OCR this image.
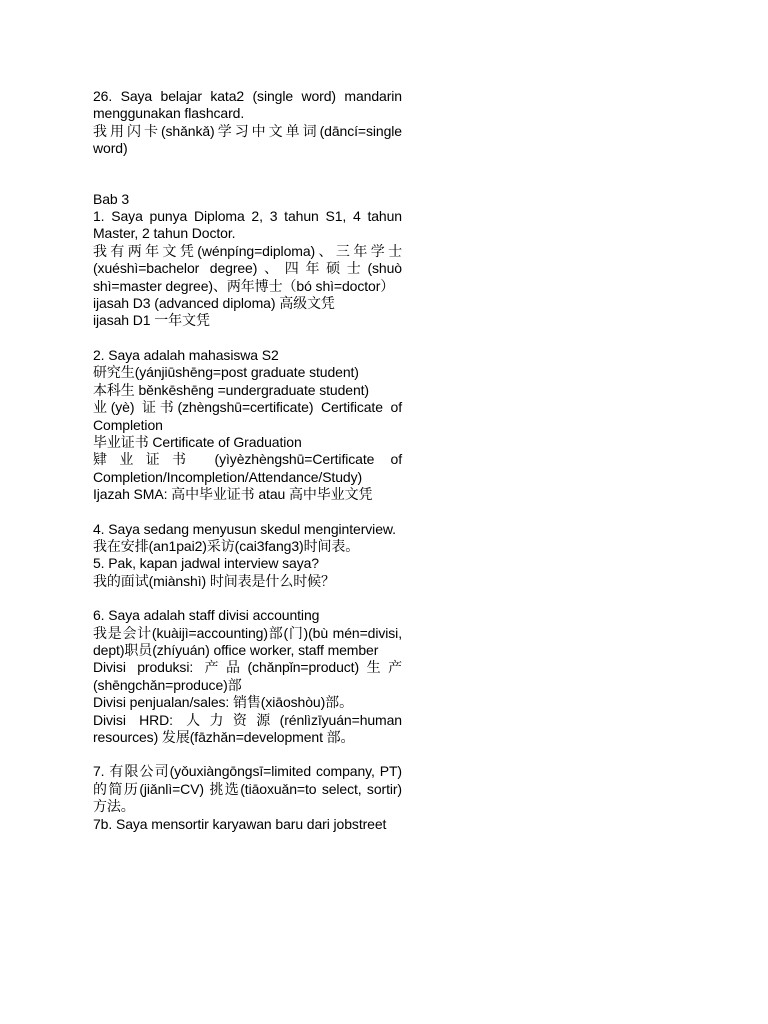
26. Saya belajar kata2 (single word) mandarin menggunakan flashcard.
我用闪卡(shǎnkǎ)学习中文单词(dāncí=single word)

Bab 3
1. Saya punya Diploma 2, 3 tahun S1, 4 tahun Master, 2 tahun Doctor.
我有两年文凭(wénpíng=diploma)、三年学士(xuéshì=bachelor degree)、四年硕士(shuò shì=master degree)、两年博士（bó shì=doctor）
ijasah D3 (advanced diploma) 高级文凭
ijasah D1 一年文凭

2. Saya adalah mahasiswa S2
研究生(yánjiūshēng=post graduate student)
本科生 běnkēshēng =undergraduate student)
业(yè) 证书(zhèngshū=certificate) Certificate of Completion
毕业证书 Certificate of Graduation
肄业证书 (yìyèzhèngshū=Certificate of Completion/Incompletion/Attendance/Study)
Ijazah SMA: 高中毕业证书 atau 高中毕业文凭

4. Saya sedang menyusun skedul menginterview.
我在安排(an1pai2)采访(cai3fang3)时间表。
5. Pak, kapan jadwal interview saya?
我的面试(miànshì) 时间表是什么时候？

6. Saya adalah staff divisi accounting
我是会计(kuàijì=accounting)部(门)(bù mén=divisi, dept)职员(zhíyuán) office worker, staff member
Divisi produksi: 产品(chǎnpǐn=product)生产(shēngchǎn=produce)部
Divisi penjualan/sales: 销售(xiāoshòu)部。
Divisi HRD: 人力资源(rénlìzīyuán=human resources) 发展(fāzhǎn=development 部。

7. 有限公司(yǒuxiàngōngsī=limited company, PT) 的简历(jiǎnlì=CV) 挑选(tiāoxuǎn=to select, sortir)方法。
7b. Saya mensortir karyawan baru dari jobstreet
